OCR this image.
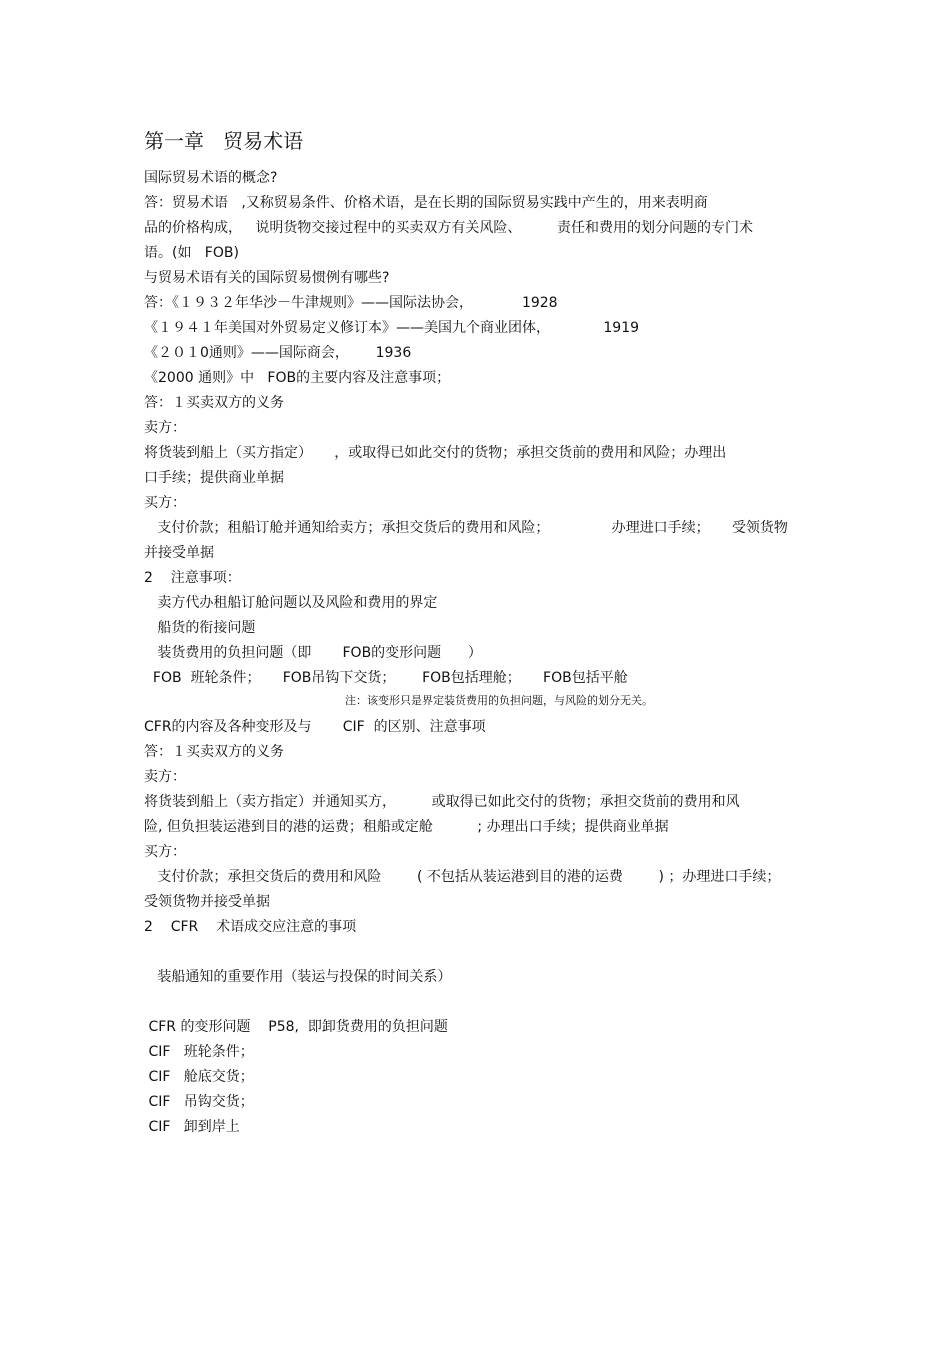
第一章   贸易术语
国际贸易术语的概念?
答：贸易术语   ,又称贸易条件、价格术语，是在长期的国际贸易实践中产生的，用来表明商
品的价格构成，   说明货物交接过程中的买卖双方有关风险、        责任和费用的划分问题的专门术
语。(如   FOB)
与贸易术语有关的国际贸易惯例有哪些?
答：《１９３２年华沙－牛津规则》——国际法协会，           1928
《１９４１年美国对外贸易定义修订本》——美国九个商业团体，            1919
《２０１0通则》——国际商会，      1936
《2000 通则》中   FOB的主要内容及注意事项；
答：１买卖双方的义务
卖方：
将货装到船上（买方指定）     ，或取得已如此交付的货物；承担交货前的费用和风险；办理出
口手续；提供商业单据
买方：
支付价款；租船订舱并通知给卖方；承担交货后的费用和风险；              办理进口手续；     受领货物
并接受单据
2    注意事项：
卖方代办租船订舱问题以及风险和费用的界定
船货的衔接问题
装货费用的负担问题（即       FOB的变形问题      ）
FOB  班轮条件；     FOB吊钩下交货；      FOB包括理舱；     FOB包括平舱
注：该变形只是界定装货费用的负担问题，与风险的划分无关。
CFR的内容及各种变形及与       CIF  的区别、注意事项
答：１买卖双方的义务
卖方：
将货装到船上（卖方指定）并通知买方，        或取得已如此交付的货物；承担交货前的费用和风
险, 但负担装运港到目的港的运费；租船或定舱          ; 办理出口手续；提供商业单据
买方：
支付价款；承担交货后的费用和风险        ( 不包括从装运港到目的港的运费        ) ；办理进口手续；
受领货物并接受单据
2    CFR    术语成交应注意的事项
装船通知的重要作用（装运与投保的时间关系）
CFR 的变形问题    P58,  即卸货费用的负担问题
CIF   班轮条件；
CIF   舱底交货；
CIF   吊钩交货；
CIF   卸到岸上
